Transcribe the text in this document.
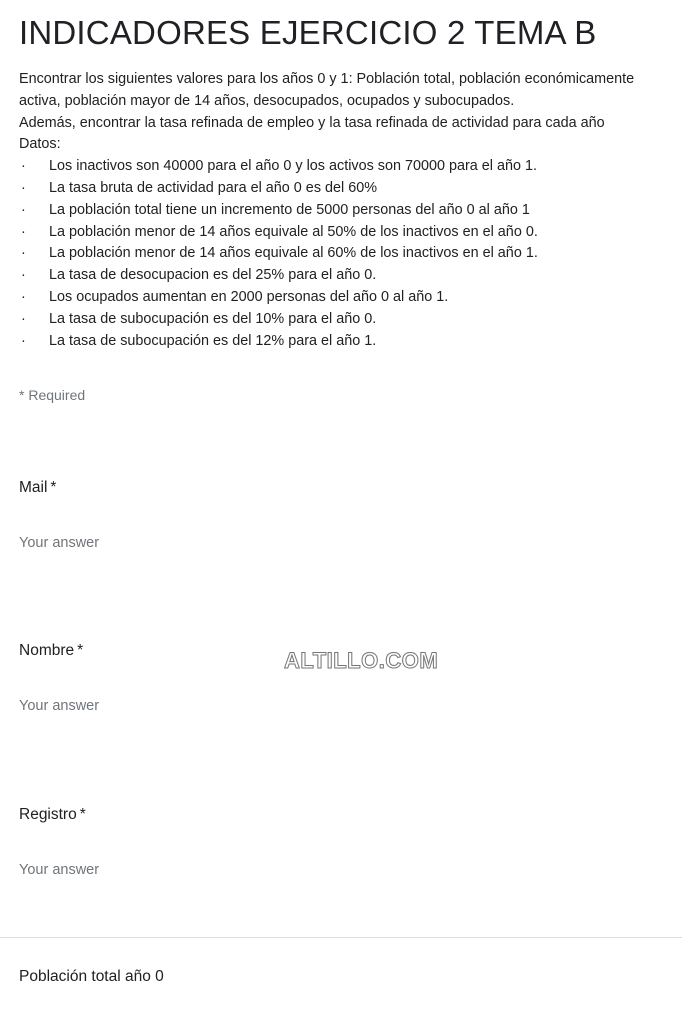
INDICADORES EJERCICIO 2 TEMA B

Encontrar los siguientes valores para los años 0 y 1: Población total, población económicamente activa, población mayor de 14 años, desocupados, ocupados y subocupados.

Además, encontrar la tasa refinada de empleo y la tasa refinada de actividad para cada año

Datos:

· Los inactivos son 40000 para el año 0 y los activos son 70000 para el año 1.
· La tasa bruta de actividad para el año 0 es del 60%
· La población total tiene un incremento de 5000 personas del año 0 al año 1
· La población menor de 14 años equivale al 50% de los inactivos en el año 0.
· La población menor de 14 años equivale al 60% de los inactivos en el año 1.
· La tasa de desocupacion es del 25% para el año 0.
· Los ocupados aumentan en 2000 personas del año 0 al año 1.
· La tasa de subocupación es del 10% para el año 0.
· La tasa de subocupación es del 12% para el año 1.
* Required
Mail *
Your answer
Nombre *
Your answer
Registro *
Your answer
ALTILLO.COM
Población total año 0
